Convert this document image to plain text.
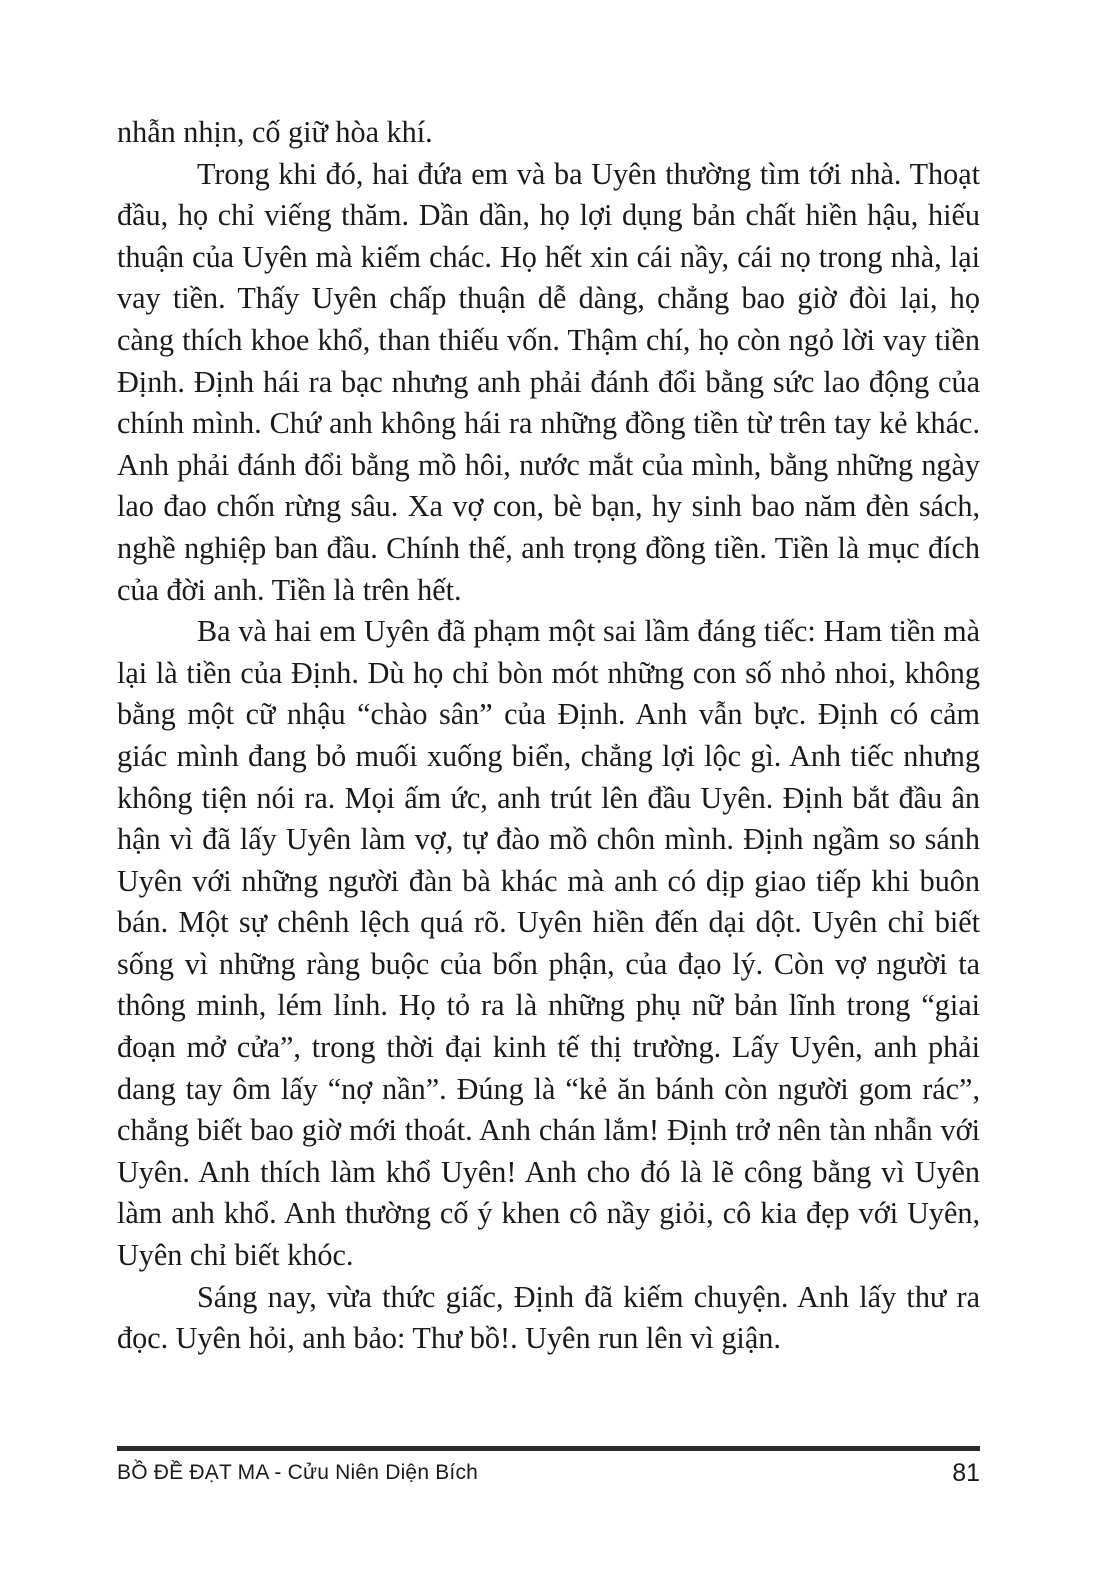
nhẫn nhịn, cố giữ hòa khí.

Trong khi đó, hai đứa em và ba Uyên thường tìm tới nhà. Thoạt đầu, họ chỉ viếng thăm. Dần dần, họ lợi dụng bản chất hiền hậu, hiếu thuận của Uyên mà kiếm chác. Họ hết xin cái nầy, cái nọ trong nhà, lại vay tiền. Thấy Uyên chấp thuận dễ dàng, chẳng bao giờ đòi lại, họ càng thích khoe khổ, than thiếu vốn. Thậm chí, họ còn ngỏ lời vay tiền Định. Định hái ra bạc nhưng anh phải đánh đổi bằng sức lao động của chính mình. Chứ anh không hái ra những đồng tiền từ trên tay kẻ khác. Anh phải đánh đổi bằng mồ hôi, nước mắt của mình, bằng những ngày lao đao chốn rừng sâu. Xa vợ con, bè bạn, hy sinh bao năm đèn sách, nghề nghiệp ban đầu. Chính thế, anh trọng đồng tiền. Tiền là mục đích của đời anh. Tiền là trên hết.

Ba và hai em Uyên đã phạm một sai lầm đáng tiếc: Ham tiền mà lại là tiền của Định. Dù họ chỉ bòn mót những con số nhỏ nhoi, không bằng một cữ nhậu “chào sân” của Định. Anh vẫn bực. Định có cảm giác mình đang bỏ muối xuống biển, chẳng lợi lộc gì. Anh tiếc nhưng không tiện nói ra. Mọi ấm ức, anh trút lên đầu Uyên. Định bắt đầu ân hận vì đã lấy Uyên làm vợ, tự đào mồ chôn mình. Định ngầm so sánh Uyên với những người đàn bà khác mà anh có dịp giao tiếp khi buôn bán. Một sự chênh lệch quá rõ. Uyên hiền đến dại dột. Uyên chỉ biết sống vì những ràng buộc của bổn phận, của đạo lý. Còn vợ người ta thông minh, lém lỉnh. Họ tỏ ra là những phụ nữ bản lĩnh trong “giai đoạn mở cửa”, trong thời đại kinh tế thị trường. Lấy Uyên, anh phải dang tay ôm lấy “nợ nần”. Đúng là “kẻ ăn bánh còn người gom rác”, chẳng biết bao giờ mới thoát. Anh chán lắm! Định trở nên tàn nhẫn với Uyên. Anh thích làm khổ Uyên! Anh cho đó là lẽ công bằng vì Uyên làm anh khổ. Anh thường cố ý khen cô nầy giỏi, cô kia đẹp với Uyên, Uyên chỉ biết khóc.

Sáng nay, vừa thức giấc, Định đã kiếm chuyện. Anh lấy thư ra đọc. Uyên hỏi, anh bảo: Thư bồ!. Uyên run lên vì giận.

BỒ ĐỀ ĐẠT MA - Cửu Niên Diện Bích	81
